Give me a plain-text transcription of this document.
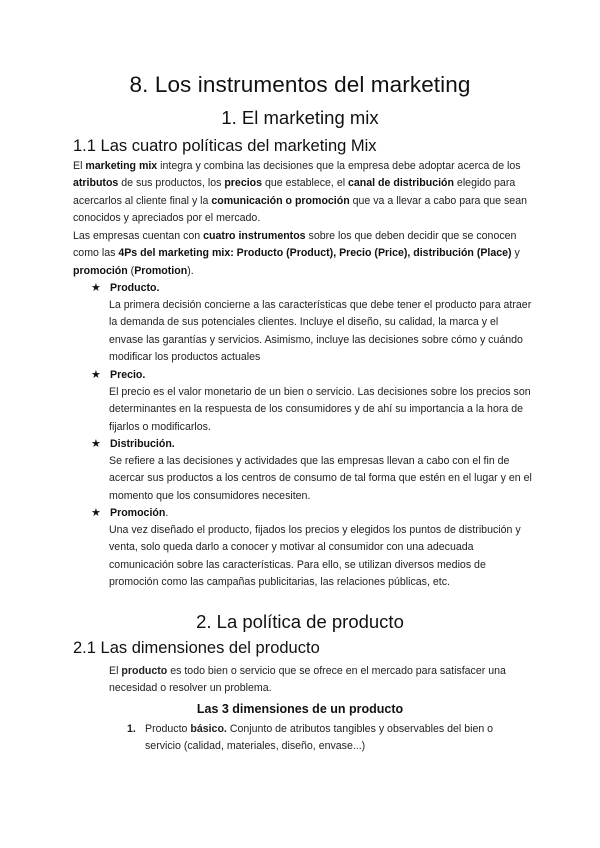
8. Los instrumentos del marketing
1. El marketing mix
1.1 Las cuatro políticas del marketing Mix
El marketing mix integra y combina las decisiones que la empresa debe adoptar acerca de los atributos de sus productos, los precios que establece, el canal de distribución elegido para acercarlos al cliente final y la comunicación o promoción que va a llevar a cabo para que sean conocidos y apreciados por el mercado.
Las empresas cuentan con cuatro instrumentos sobre los que deben decidir que se conocen como las 4Ps del marketing mix: Producto (Product), Precio (Price), distribución (Place) y promoción (Promotion).
★ Producto.
La primera decisión concierne a las características que debe tener el producto para atraer la demanda de sus potenciales clientes. Incluye el diseño, su calidad, la marca y el envase las garantías y servicios. Asimismo, incluye las decisiones sobre cómo y cuándo modificar los productos actuales
★ Precio.
El precio es el valor monetario de un bien o servicio. Las decisiones sobre los precios son determinantes en la respuesta de los consumidores y de ahí su importancia a la hora de fijarlos o modificarlos.
★ Distribución.
Se refiere a las decisiones y actividades que las empresas llevan a cabo con el fin de acercar sus productos a los centros de consumo de tal forma que estén en el lugar y en el momento que los consumidores necesiten.
★ Promoción.
Una vez diseñado el producto, fijados los precios y elegidos los puntos de distribución y venta, solo queda darlo a conocer y motivar al consumidor con una adecuada comunicación sobre las características. Para ello, se utilizan diversos medios de promoción como las campañas publicitarias, las relaciones públicas, etc.
2. La política de producto
2.1 Las dimensiones del producto
El producto es todo bien o servicio que se ofrece en el mercado para satisfacer una necesidad o resolver un problema.
Las 3 dimensiones de un producto
1. Producto básico. Conjunto de atributos tangibles y observables del bien o servicio (calidad, materiales, diseño, envase...)
